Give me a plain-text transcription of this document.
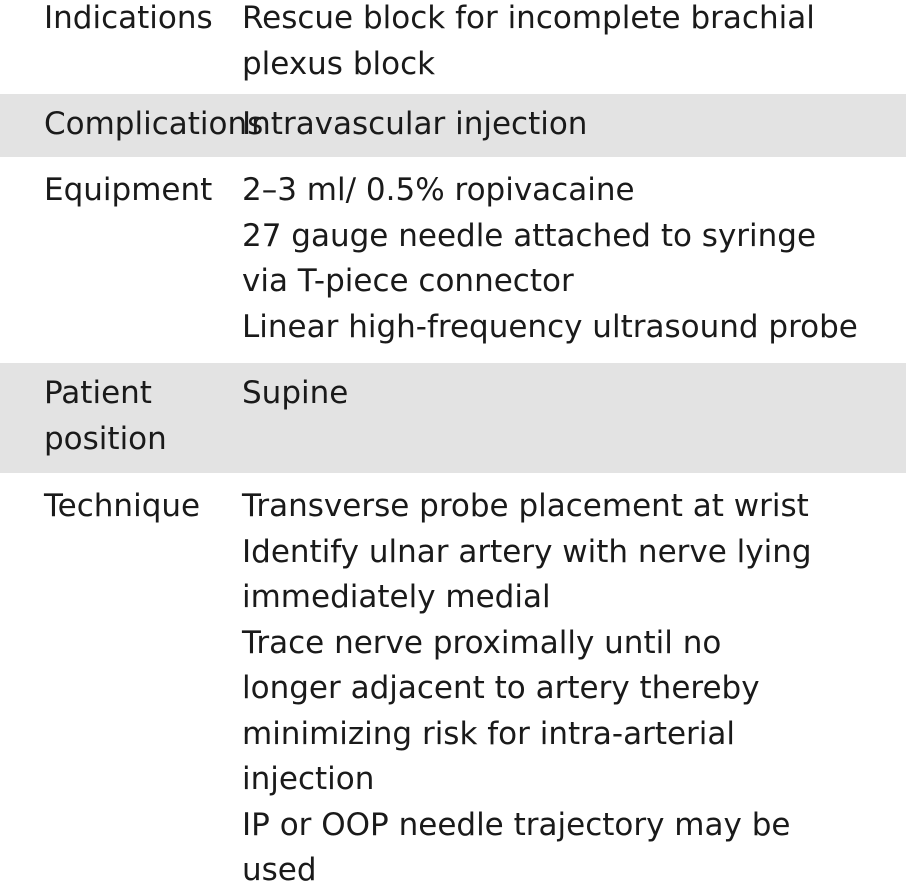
Indications Rescue block for incomplete brachial
plexus block
Complications
Intravascular injection
Equipment 2–3 ml/ 0.5% ropivacaine
27 gauge needle attached to syringe
via T-piece connector
Linear high-frequency ultrasound probe
Patient
position
Supine
Technique	Transverse probe placement at wrist
Identify ulnar artery with nerve lying
immediately medial
Trace nerve proximally until no
longer adjacent to artery thereby
minimizing risk for intra-arterial
injection
IP or OOP needle trajectory may be
used
